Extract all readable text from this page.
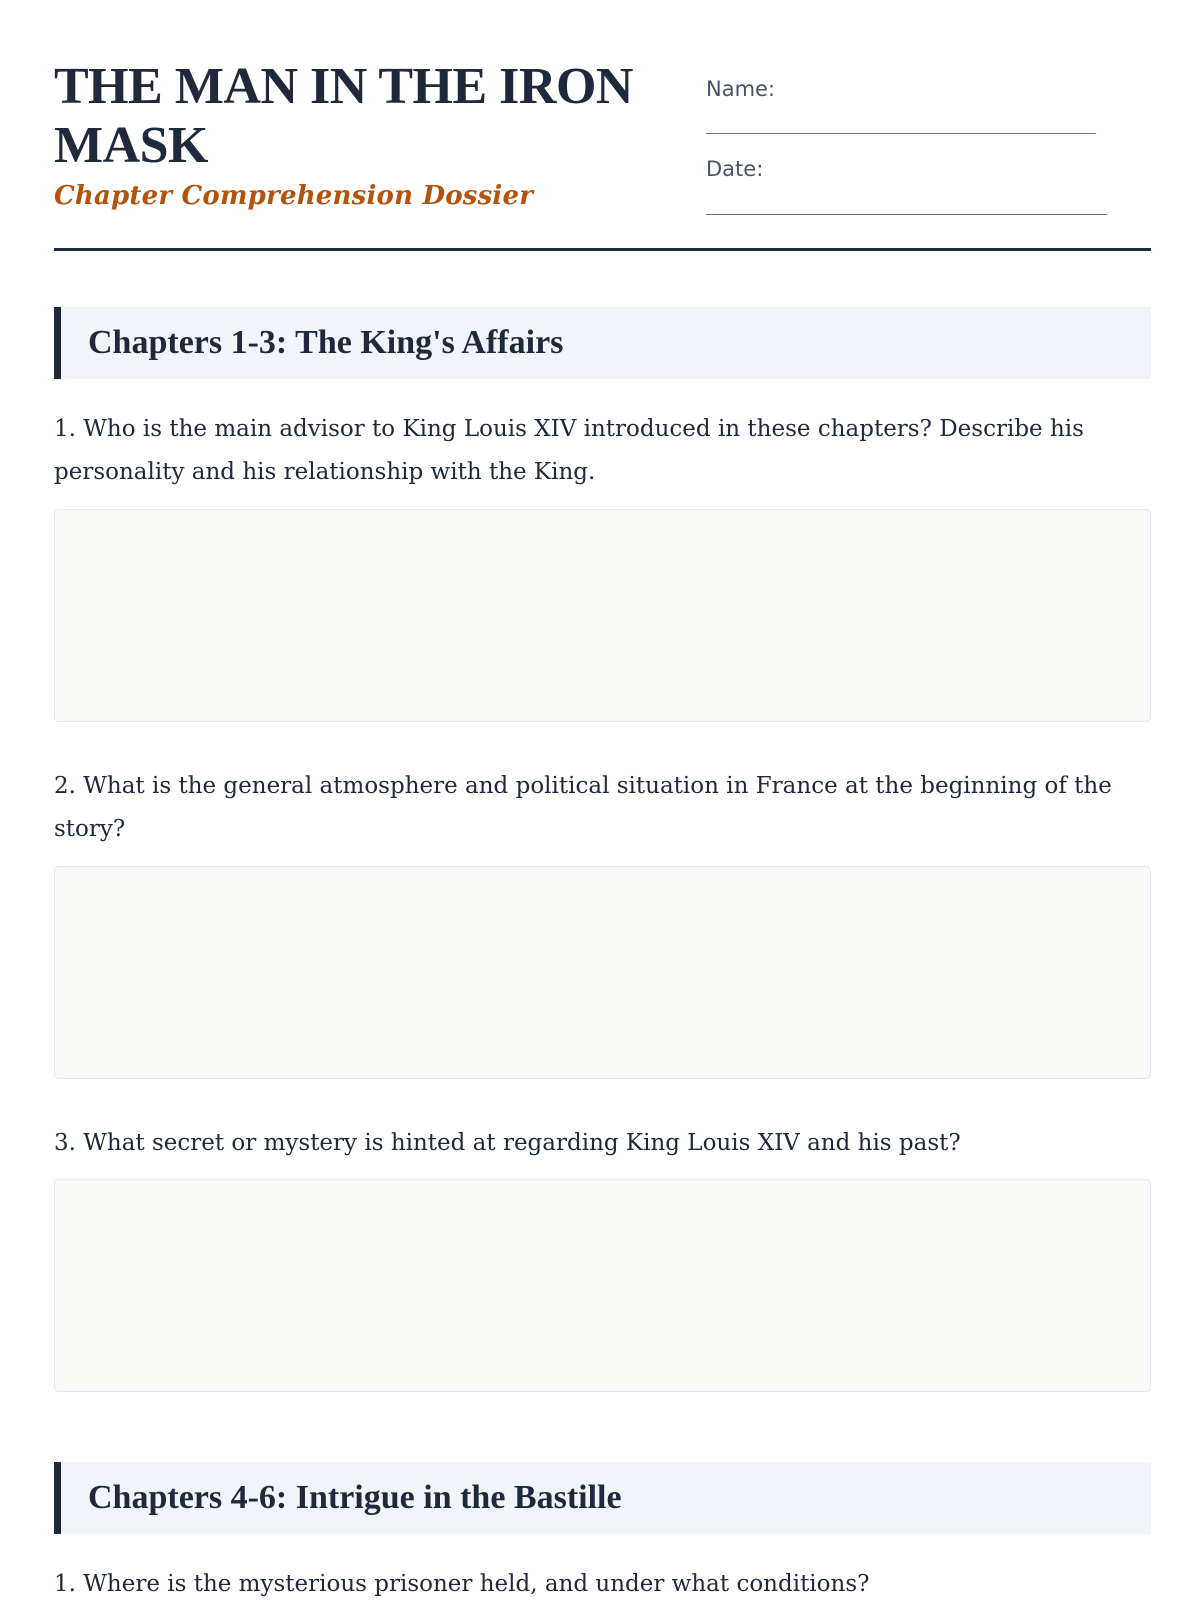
THE MAN IN THE IRON MASK
Chapter Comprehension Dossier
Name:
Date:
Chapters 1-3: The King's Affairs

1. Who is the main advisor to King Louis XIV introduced in these chapters? Describe his personality and his relationship with the King.

2. What is the general atmosphere and political situation in France at the beginning of the story?

3. What secret or mystery is hinted at regarding King Louis XIV and his past?

Chapters 4-6: Intrigue in the Bastille

1. Where is the mysterious prisoner held, and under what conditions?
